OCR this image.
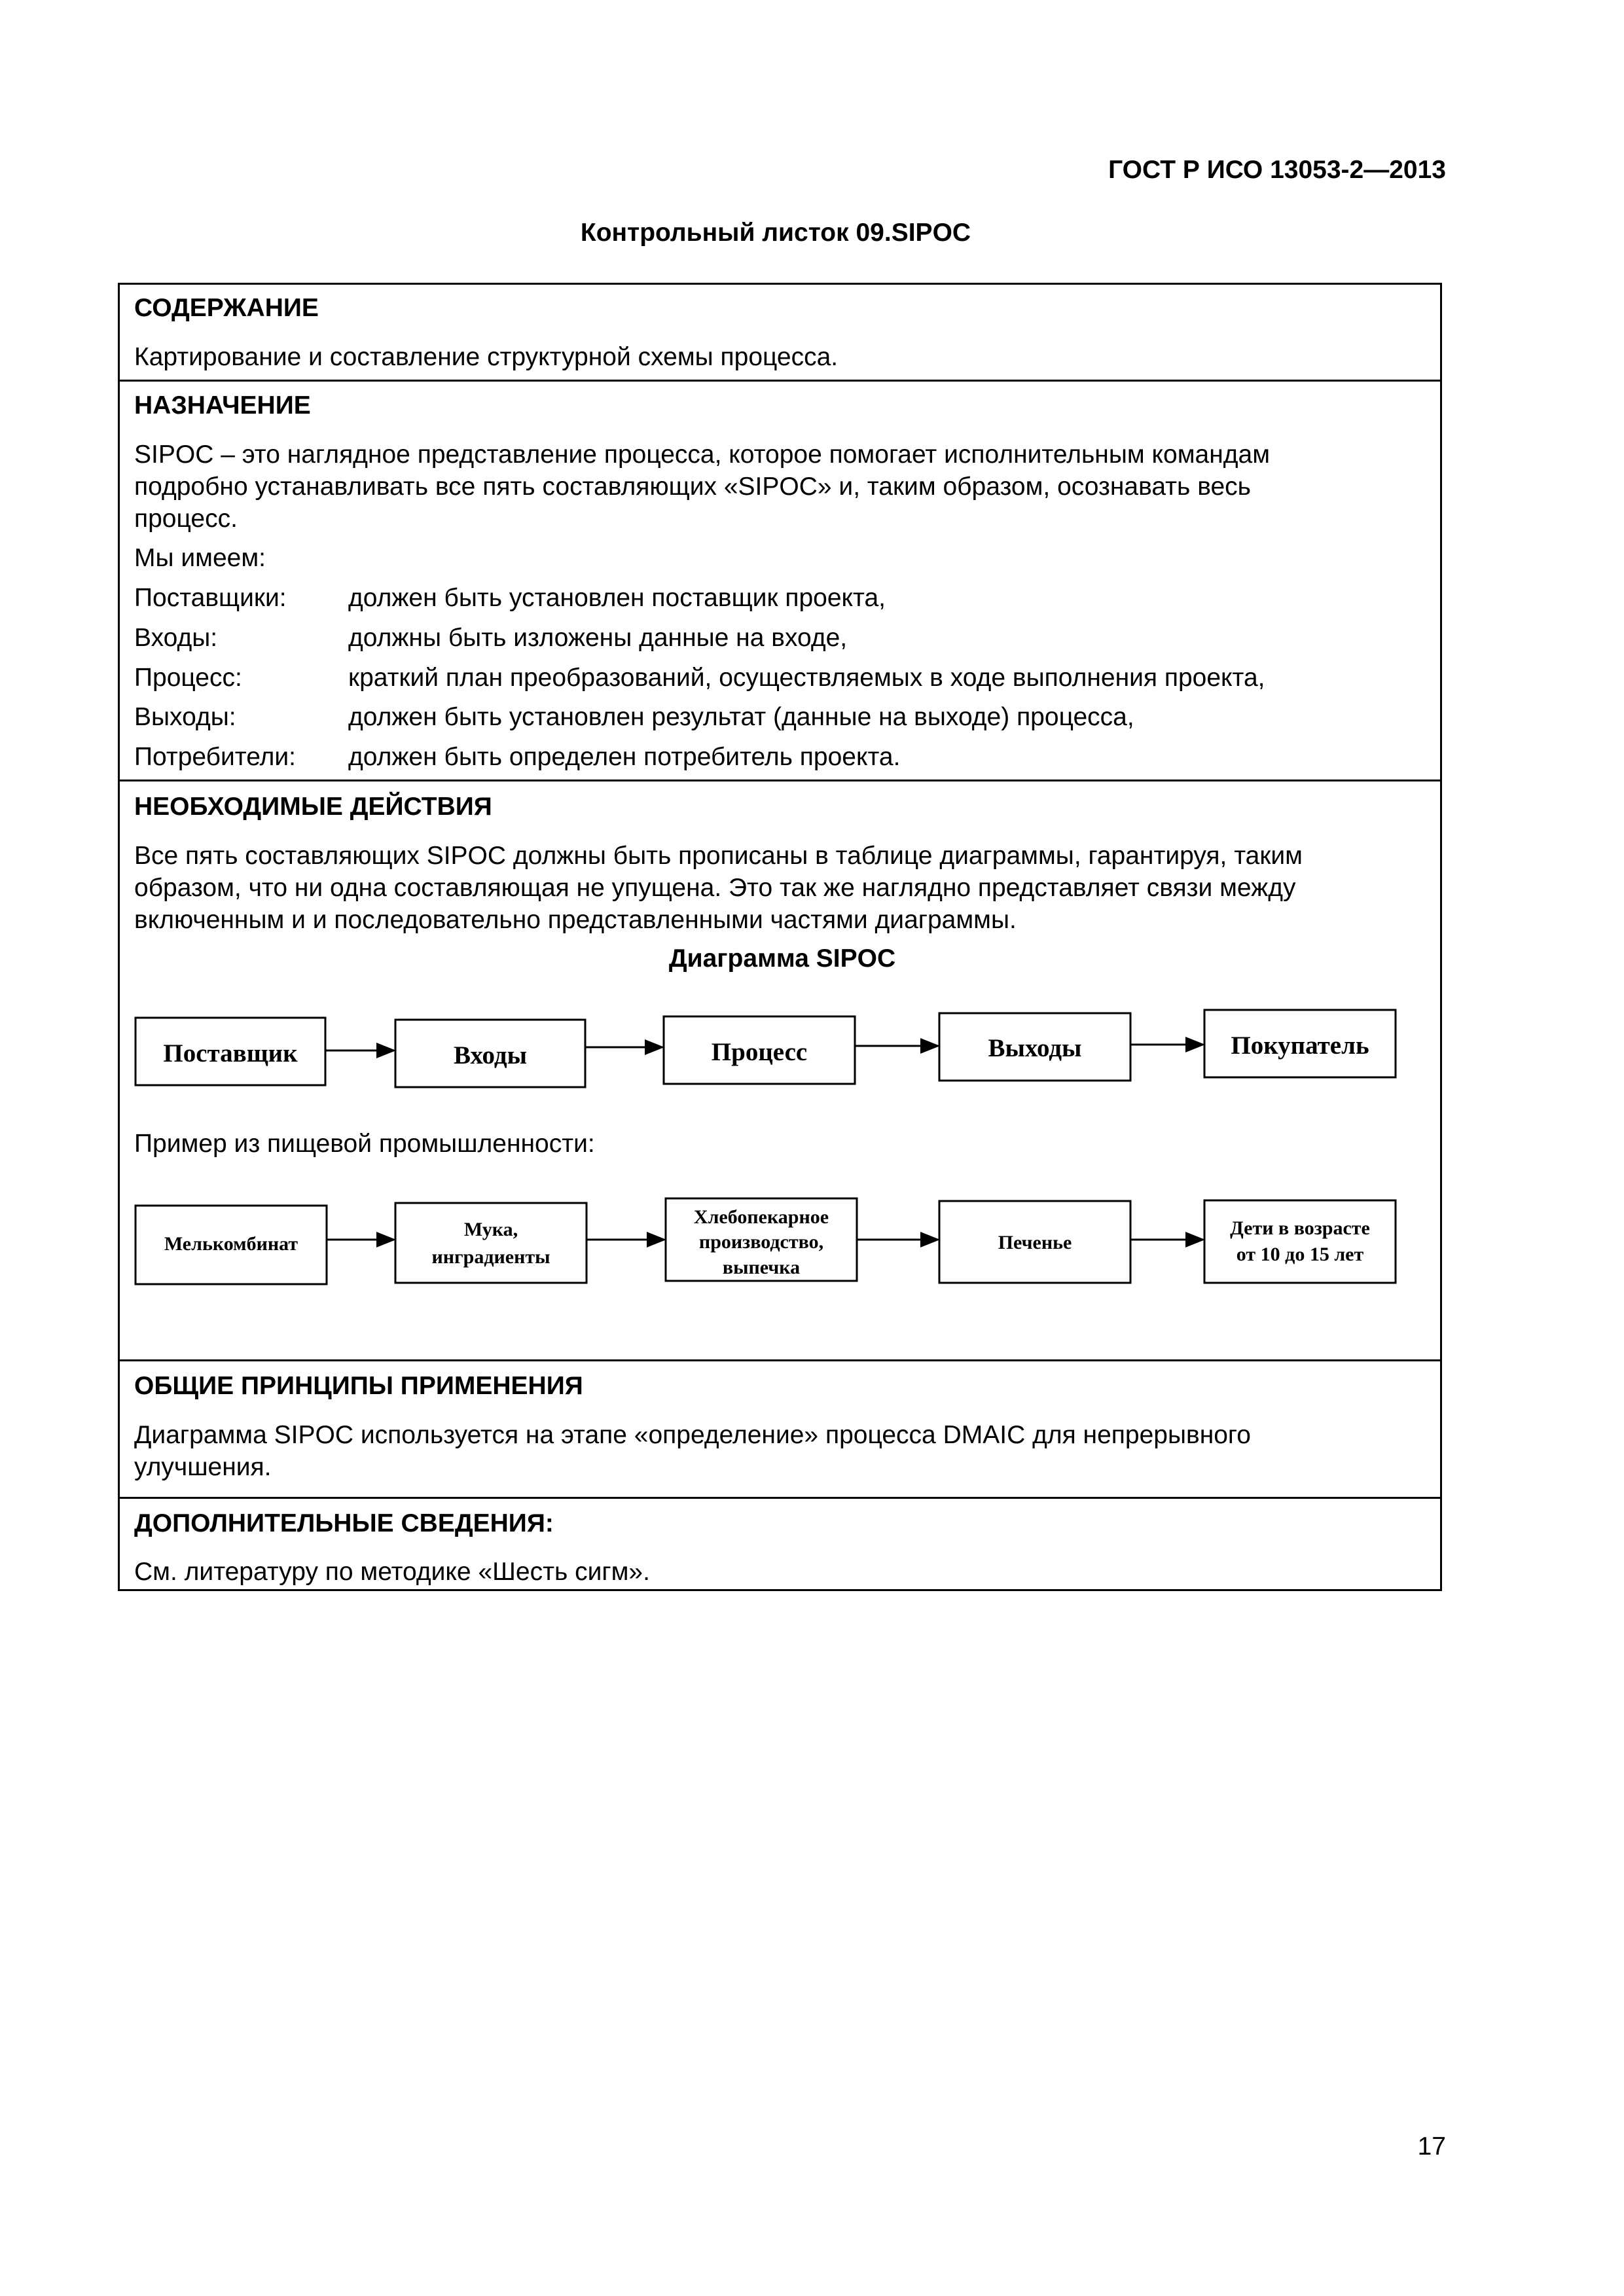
ГОСТ Р ИСО 13053-2—2013
Контрольный листок 09.SIPOC
СОДЕРЖАНИЕ
Картирование и составление структурной схемы процесса.
НАЗНАЧЕНИЕ
SIPOC – это наглядное представление процесса, которое помогает исполнительным командам
подробно устанавливать все пять составляющих «SIPOC» и, таким образом, осознавать весь
процесс.
Мы имеем:
Поставщики: должен быть установлен поставщик проекта,
Входы:	должны быть изложены данные на входе,
Процесс:	краткий план преобразований, осуществляемых в ходе выполнения проекта,
Выходы:	должен быть установлен результат (данные на выходе) процесса,
Потребители: должен быть определен потребитель проекта.
НЕОБХОДИМЫЕ ДЕЙСТВИЯ
Все пять составляющих SIPOC должны быть прописаны в таблице диаграммы, гарантируя, таким
образом, что ни одна составляющая не упущена. Это так же наглядно представляет связи между
включенным и и последовательно представленными частями диаграммы.
Диаграмма SIPOC
Поставщик	Входы	Процесс	Выходы	Покупатель
Мелькомбинат
Мука,
инградиенты
Хлебопекарное
производство,
выпечка
Печенье
Дети в возрасте
от 10 до 15 лет
Пример из пищевой промышленности:
ОБЩИЕ ПРИНЦИПЫ ПРИМЕНЕНИЯ
Диаграмма SIPOC используется на этапе «определение» процесса DMAIC для непрерывного
улучшения.
ДОПОЛНИТЕЛЬНЫЕ СВЕДЕНИЯ:
См. литературу по методике «Шесть сигм».
17
